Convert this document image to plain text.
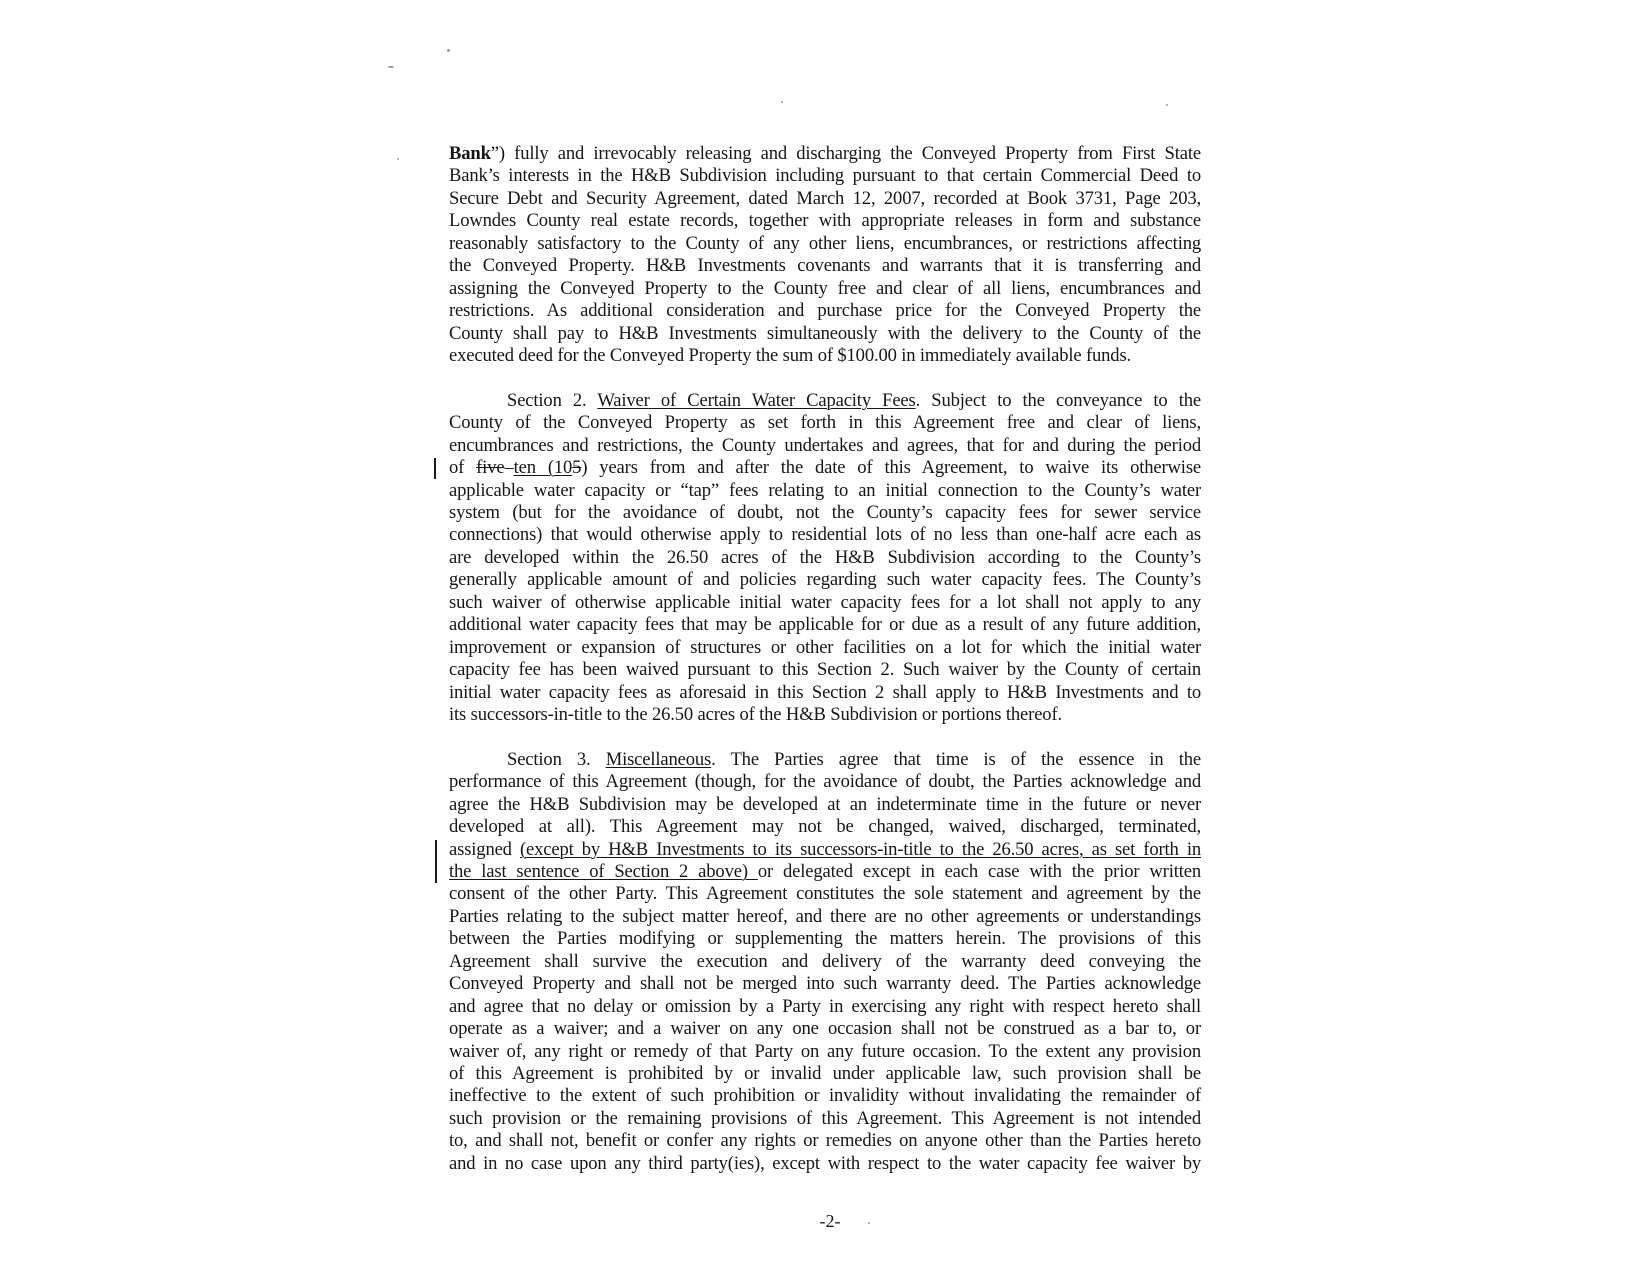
Bank”) fully and irrevocably releasing and discharging the Conveyed Property from First State
Bank’s interests in the H&B Subdivision including pursuant to that certain Commercial Deed to
Secure Debt and Security Agreement, dated March 12, 2007, recorded at Book 3731, Page 203,
Lowndes County real estate records, together with appropriate releases in form and substance
reasonably satisfactory to the County of any other liens, encumbrances, or restrictions affecting
the Conveyed Property. H&B Investments covenants and warrants that it is transferring and
assigning the Conveyed Property to the County free and clear of all liens, encumbrances and
restrictions. As additional consideration and purchase price for the Conveyed Property the
County shall pay to H&B Investments simultaneously with the delivery to the County of the
executed deed for the Conveyed Property the sum of $100.00 in immediately available funds.
Section 2. Waiver of Certain Water Capacity Fees. Subject to the conveyance to the
County of the Conveyed Property as set forth in this Agreement free and clear of liens,
encumbrances and restrictions, the County undertakes and agrees, that for and during the period
of five–ten (105) years from and after the date of this Agreement, to waive its otherwise
applicable water capacity or “tap” fees relating to an initial connection to the County’s water
system (but for the avoidance of doubt, not the County’s capacity fees for sewer service
connections) that would otherwise apply to residential lots of no less than one-half acre each as
are developed within the 26.50 acres of the H&B Subdivision according to the County’s
generally applicable amount of and policies regarding such water capacity fees. The County’s
such waiver of otherwise applicable initial water capacity fees for a lot shall not apply to any
additional water capacity fees that may be applicable for or due as a result of any future addition,
improvement or expansion of structures or other facilities on a lot for which the initial water
capacity fee has been waived pursuant to this Section 2. Such waiver by the County of certain
initial water capacity fees as aforesaid in this Section 2 shall apply to H&B Investments and to
its successors-in-title to the 26.50 acres of the H&B Subdivision or portions thereof.
Section 3. Miscellaneous. The Parties agree that time is of the essence in the
performance of this Agreement (though, for the avoidance of doubt, the Parties acknowledge and
agree the H&B Subdivision may be developed at an indeterminate time in the future or never
developed at all). This Agreement may not be changed, waived, discharged, terminated,
assigned (except by H&B Investments to its successors-in-title to the 26.50 acres, as set forth in
the last sentence of Section 2 above) or delegated except in each case with the prior written
consent of the other Party. This Agreement constitutes the sole statement and agreement by the
Parties relating to the subject matter hereof, and there are no other agreements or understandings
between the Parties modifying or supplementing the matters herein. The provisions of this
Agreement shall survive the execution and delivery of the warranty deed conveying the
Conveyed Property and shall not be merged into such warranty deed. The Parties acknowledge
and agree that no delay or omission by a Party in exercising any right with respect hereto shall
operate as a waiver; and a waiver on any one occasion shall not be construed as a bar to, or
waiver of, any right or remedy of that Party on any future occasion. To the extent any provision
of this Agreement is prohibited by or invalid under applicable law, such provision shall be
ineffective to the extent of such prohibition or invalidity without invalidating the remainder of
such provision or the remaining provisions of this Agreement. This Agreement is not intended
to, and shall not, benefit or confer any rights or remedies on anyone other than the Parties hereto
and in no case upon any third party(ies), except with respect to the water capacity fee waiver by
-2-
